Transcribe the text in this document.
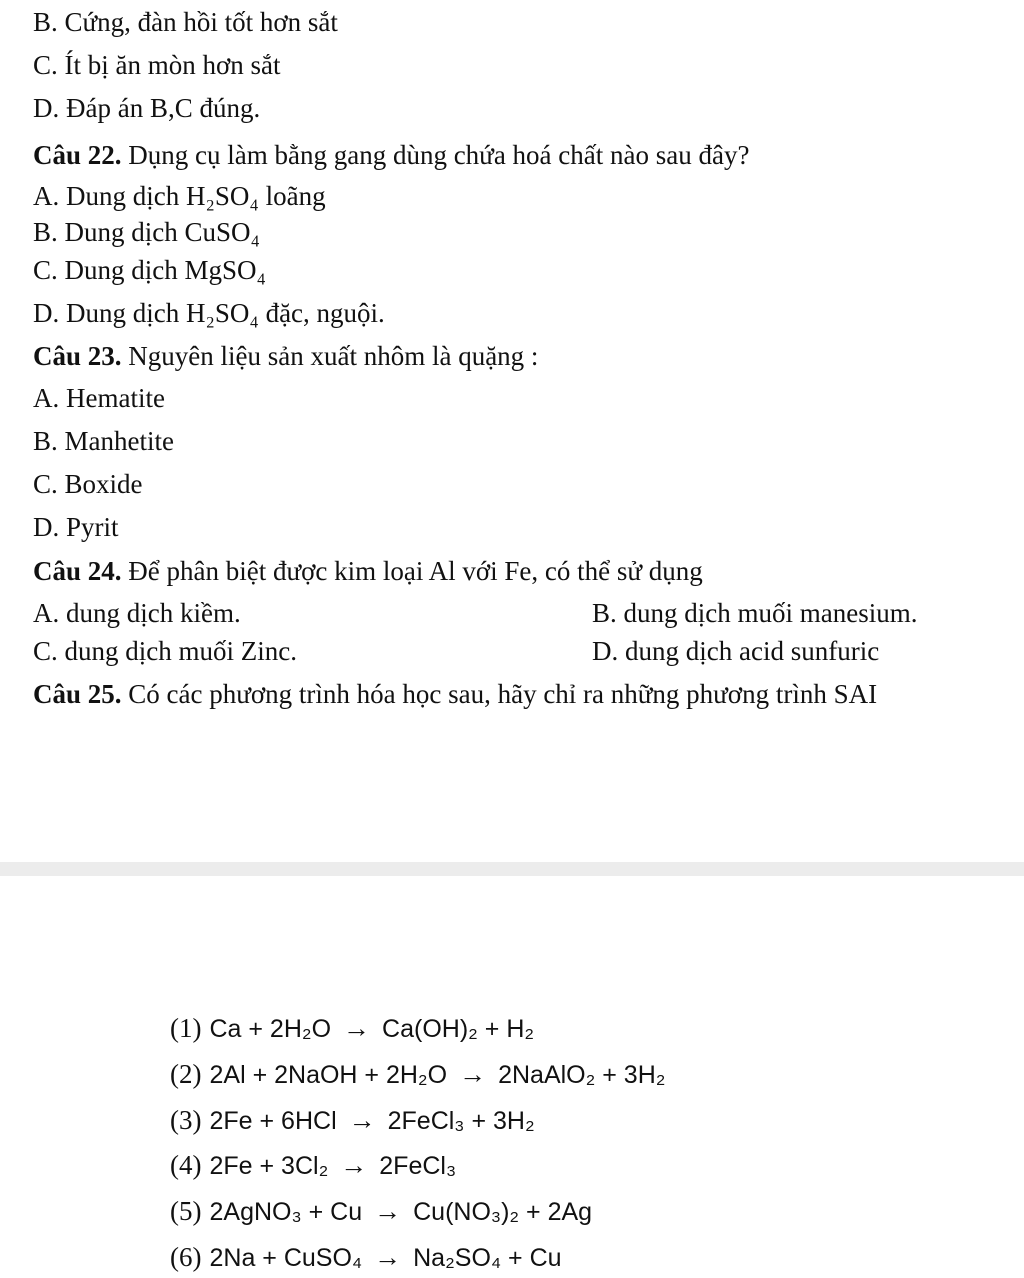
B. Cứng, đàn hồi tốt hơn sắt
C. Ít bị ăn mòn hơn sắt
D. Đáp án B,C đúng.
Câu 22. Dụng cụ làm bằng gang dùng chứa hoá chất nào sau đây?
A. Dung dịch H₂SO₄ loãng
B. Dung dịch CuSO₄
C. Dung dịch MgSO₄
D. Dung dịch H₂SO₄ đặc, nguội.
Câu 23. Nguyên liệu sản xuất nhôm là quặng :
A. Hematite
B. Manhetite
C. Boxide
D. Pyrit
Câu 24. Để phân biệt được kim loại Al với Fe, có thể sử dụng
A. dung dịch kiềm.	B. dung dịch muối manesium.
C. dung dịch muối Zinc.	D. dung dịch acid sunfuric
Câu 25. Có các phương trình hóa học sau, hãy chỉ ra những phương trình SAI
(1) Ca + 2H₂O → Ca(OH)₂ + H₂
(2) 2Al + 2NaOH + 2H₂O → 2NaAlO₂ + 3H₂
(3) 2Fe + 6HCl → 2FeCl₃ + 3H₂
(4) 2Fe + 3Cl₂ → 2FeCl₃
(5) 2AgNO₃ + Cu → Cu(NO₃)₂ + 2Ag
(6) 2Na + CuSO₄ → Na₂SO₄ + Cu
